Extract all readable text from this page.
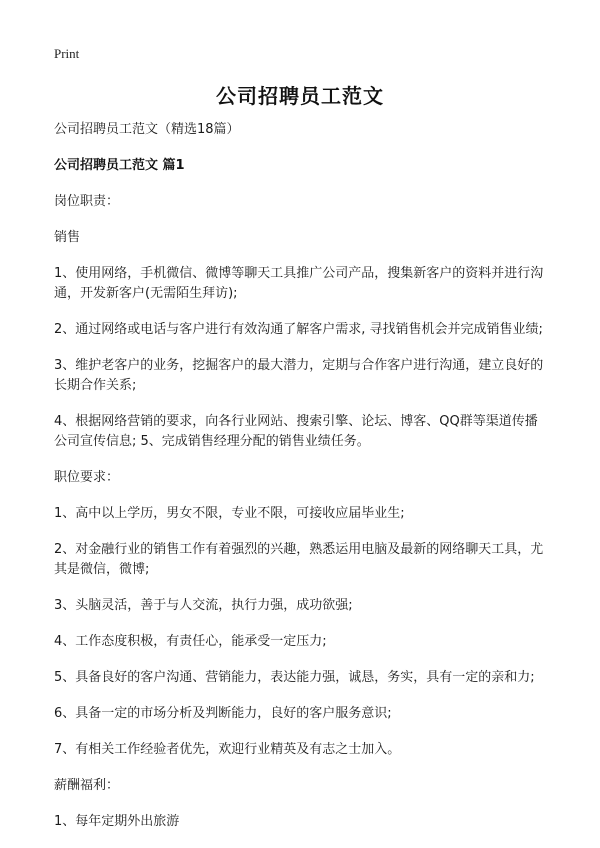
Print
公司招聘员工范文

公司招聘员工范文（精选18篇）

公司招聘员工范文 篇1

岗位职责：

销售

1、使用网络，手机微信、微博等聊天工具推广公司产品，搜集新客户的资料并进行沟通，开发新客户(无需陌生拜访);

2、通过网络或电话与客户进行有效沟通了解客户需求, 寻找销售机会并完成销售业绩;

3、维护老客户的业务，挖掘客户的最大潜力，定期与合作客户进行沟通，建立良好的长期合作关系;

4、根据网络营销的要求，向各行业网站、搜索引擎、论坛、博客、QQ群等渠道传播公司宣传信息; 5、完成销售经理分配的销售业绩任务。

职位要求：

1、高中以上学历，男女不限，专业不限，可接收应届毕业生;

2、对金融行业的销售工作有着强烈的兴趣，熟悉运用电脑及最新的网络聊天工具，尤其是微信，微博;

3、头脑灵活，善于与人交流，执行力强，成功欲强;

4、工作态度积极，有责任心，能承受一定压力;

5、具备良好的客户沟通、营销能力，表达能力强，诚恳，务实，具有一定的亲和力;

6、具备一定的市场分析及判断能力，良好的客户服务意识;

7、有相关工作经验者优先，欢迎行业精英及有志之士加入。

薪酬福利：

1、每年定期外出旅游
